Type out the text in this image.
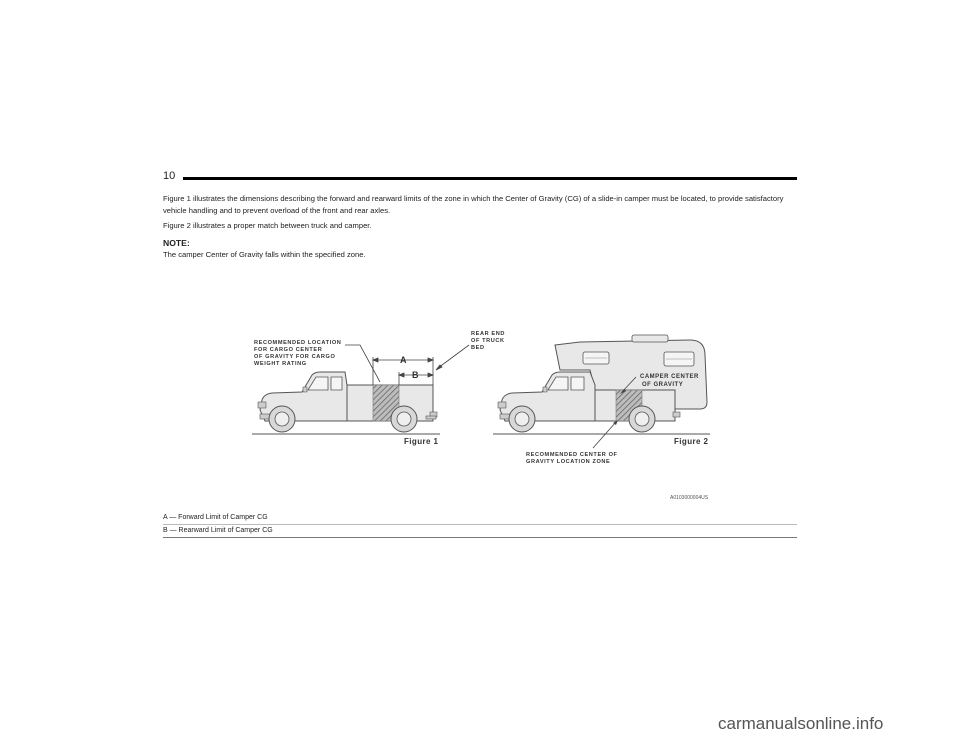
10

Figure 1 illustrates the dimensions describing the forward and rearward limits of the zone in which the Center of Gravity (CG) of a slide-in camper must be located, to provide satisfactory vehicle handling and to prevent overload of the front and rear axles.

Figure 2 illustrates a proper match between truck and camper.

NOTE:

The camper Center of Gravity falls within the specified zone.

RECOMMENDED LOCATION
FOR CARGO CENTER
OF GRAVITY FOR CARGO
WEIGHT RATING
REAR END
OF TRUCK
BED
A
B
Figure 1
CAMPER CENTER
OF GRAVITY
RECOMMENDED CENTER OF
GRAVITY LOCATION ZONE
Figure 2
A0103000004US
A — Forward Limit of Camper CG
B — Rearward Limit of Camper CG
carmanualsonline.info
